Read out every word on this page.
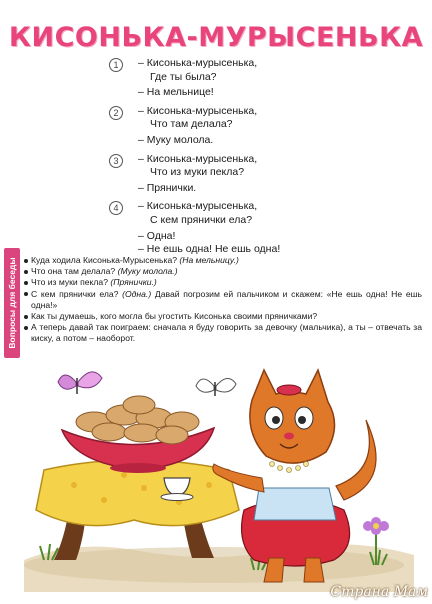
КИСОНЬКА-МУРЫСЕНЬКА
1	– Кисонька-мурысенька,
Где ты была?
– На мельнице!
2	– Кисонька-мурысенька,
Что там делала?
– Муку молола.
3	– Кисонька-мурысенька,
Что из муки пекла?
– Прянички.
4	– Кисонька-мурысенька,
С кем прянички ела?
– Одна!
– Не ешь одна! Не ешь одна!
Вопросы для беседы	Куда ходила Кисонька-Мурысенька? (На мельницу.)
Что она там делала? (Муку молола.)
Что из муки пекла? (Прянички.)
С кем прянички ела? (Одна.) Давай погрозим ей пальчиком и скажем: «Не ешь одна! Не ешь одна!»
Как ты думаешь, кого могла бы угостить Кисонька своими пряничками?
А теперь давай так поиграем: сначала я буду говорить за девочку (мальчика), а ты – отвечать за киску, а потом – наоборот.
Страна Мам
